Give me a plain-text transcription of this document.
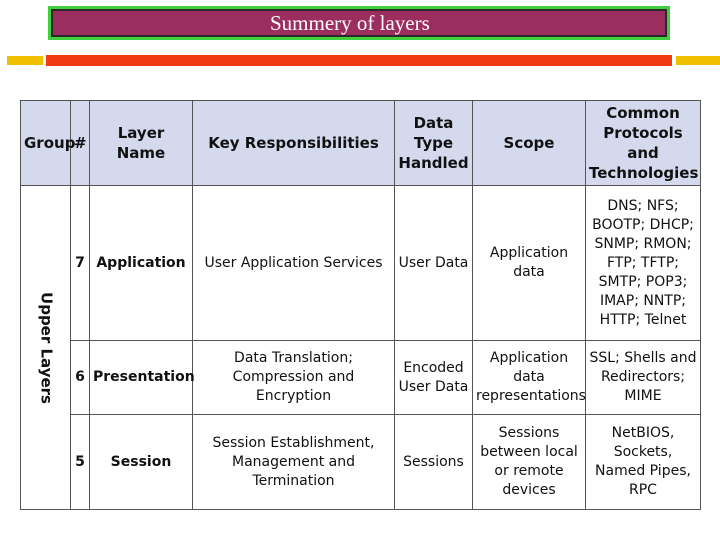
Summery of layers
Group	#	Layer Name	Key Responsibilities	Data Type Handled	Scope	Common Protocols and Technologies

Upper Layers	7	Application	User Application Services	User Data	Application data	DNS; NFS; BOOTP; DHCP; SNMP; RMON; FTP; TFTP; SMTP; POP3; IMAP; NNTP; HTTP; Telnet
	6	Presentation	Data Translation; Compression and Encryption	Encoded User Data	Application data representations	SSL; Shells and Redirectors; MIME
	5	Session	Session Establishment, Management and Termination	Sessions	Sessions between local or remote devices	NetBIOS, Sockets, Named Pipes, RPC
